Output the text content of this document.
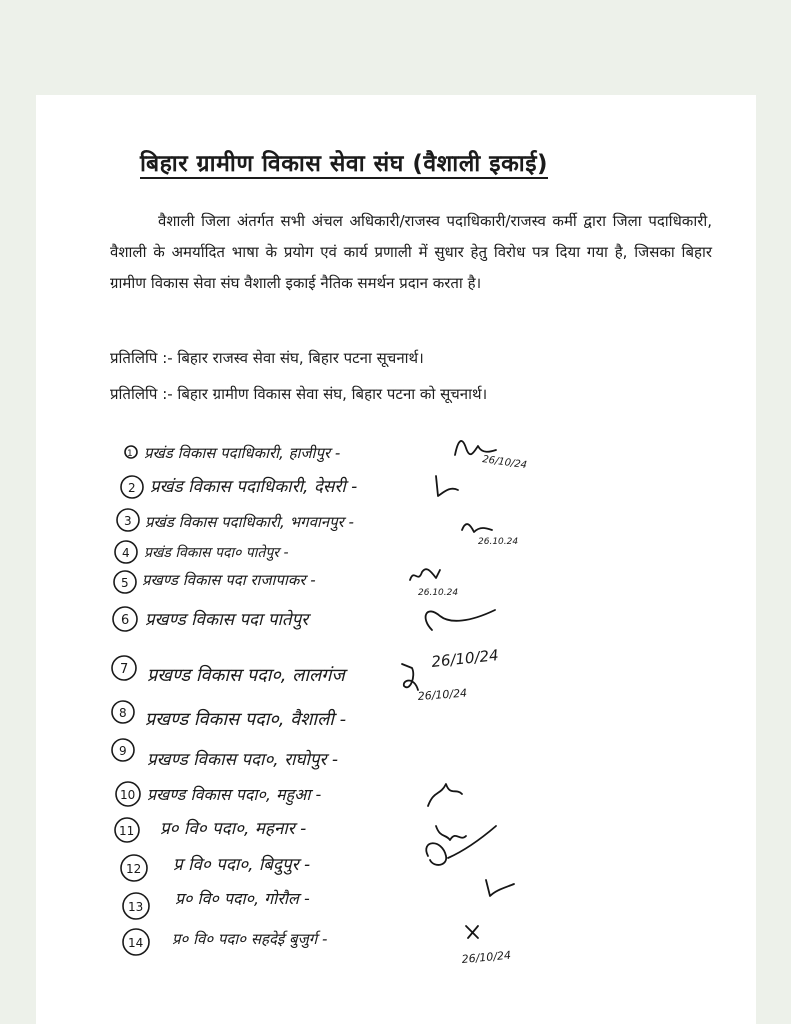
बिहार ग्रामीण विकास सेवा संघ (वैशाली इकाई)

वैशाली जिला अंतर्गत सभी अंचल अधिकारी/राजस्व पदाधिकारी/राजस्व कर्मी द्वारा जिला पदाधिकारी, वैशाली के अमर्यादित भाषा के प्रयोग एवं कार्य प्रणाली में सुधार हेतु विरोध पत्र दिया गया है, जिसका बिहार ग्रामीण विकास सेवा संघ वैशाली इकाई नैतिक समर्थन प्रदान करता है।

प्रतिलिपि :- बिहार राजस्व सेवा संघ, बिहार पटना सूचनार्थ।
प्रतिलिपि :- बिहार ग्रामीण विकास सेवा संघ, बिहार पटना को सूचनार्थ।
1 प्रखंड विकास पदाधिकारी, हाजीपुर -
26/10/24
2 प्रखंड विकास पदाधिकारी, देसरी -
3 प्रखंड विकास पदाधिकारी, भगवानपुर -
26.10.24
4 प्रखंड विकास पदा० पातेपुर -
5 प्रखण्ड विकास पदा राजापाकर -
26.10.24
6 प्रखण्ड विकास पदा पातेपुर
7 प्रखण्ड विकास पदा०, लालगंज
26/10/24
8 प्रखण्ड विकास पदा०, वैशाली -
26/10/24
9 प्रखण्ड विकास पदा०, राघोपुर -
10 प्रखण्ड विकास पदा०, महुआ -
11 प्र० वि० पदा०, महनार -
12 प्र वि० पदा०, बिदुपुर -
13 प्र० वि० पदा०, गोरौल -
14 प्र० वि० पदा० सहदेई बुजुर्ग -
26/10/24
